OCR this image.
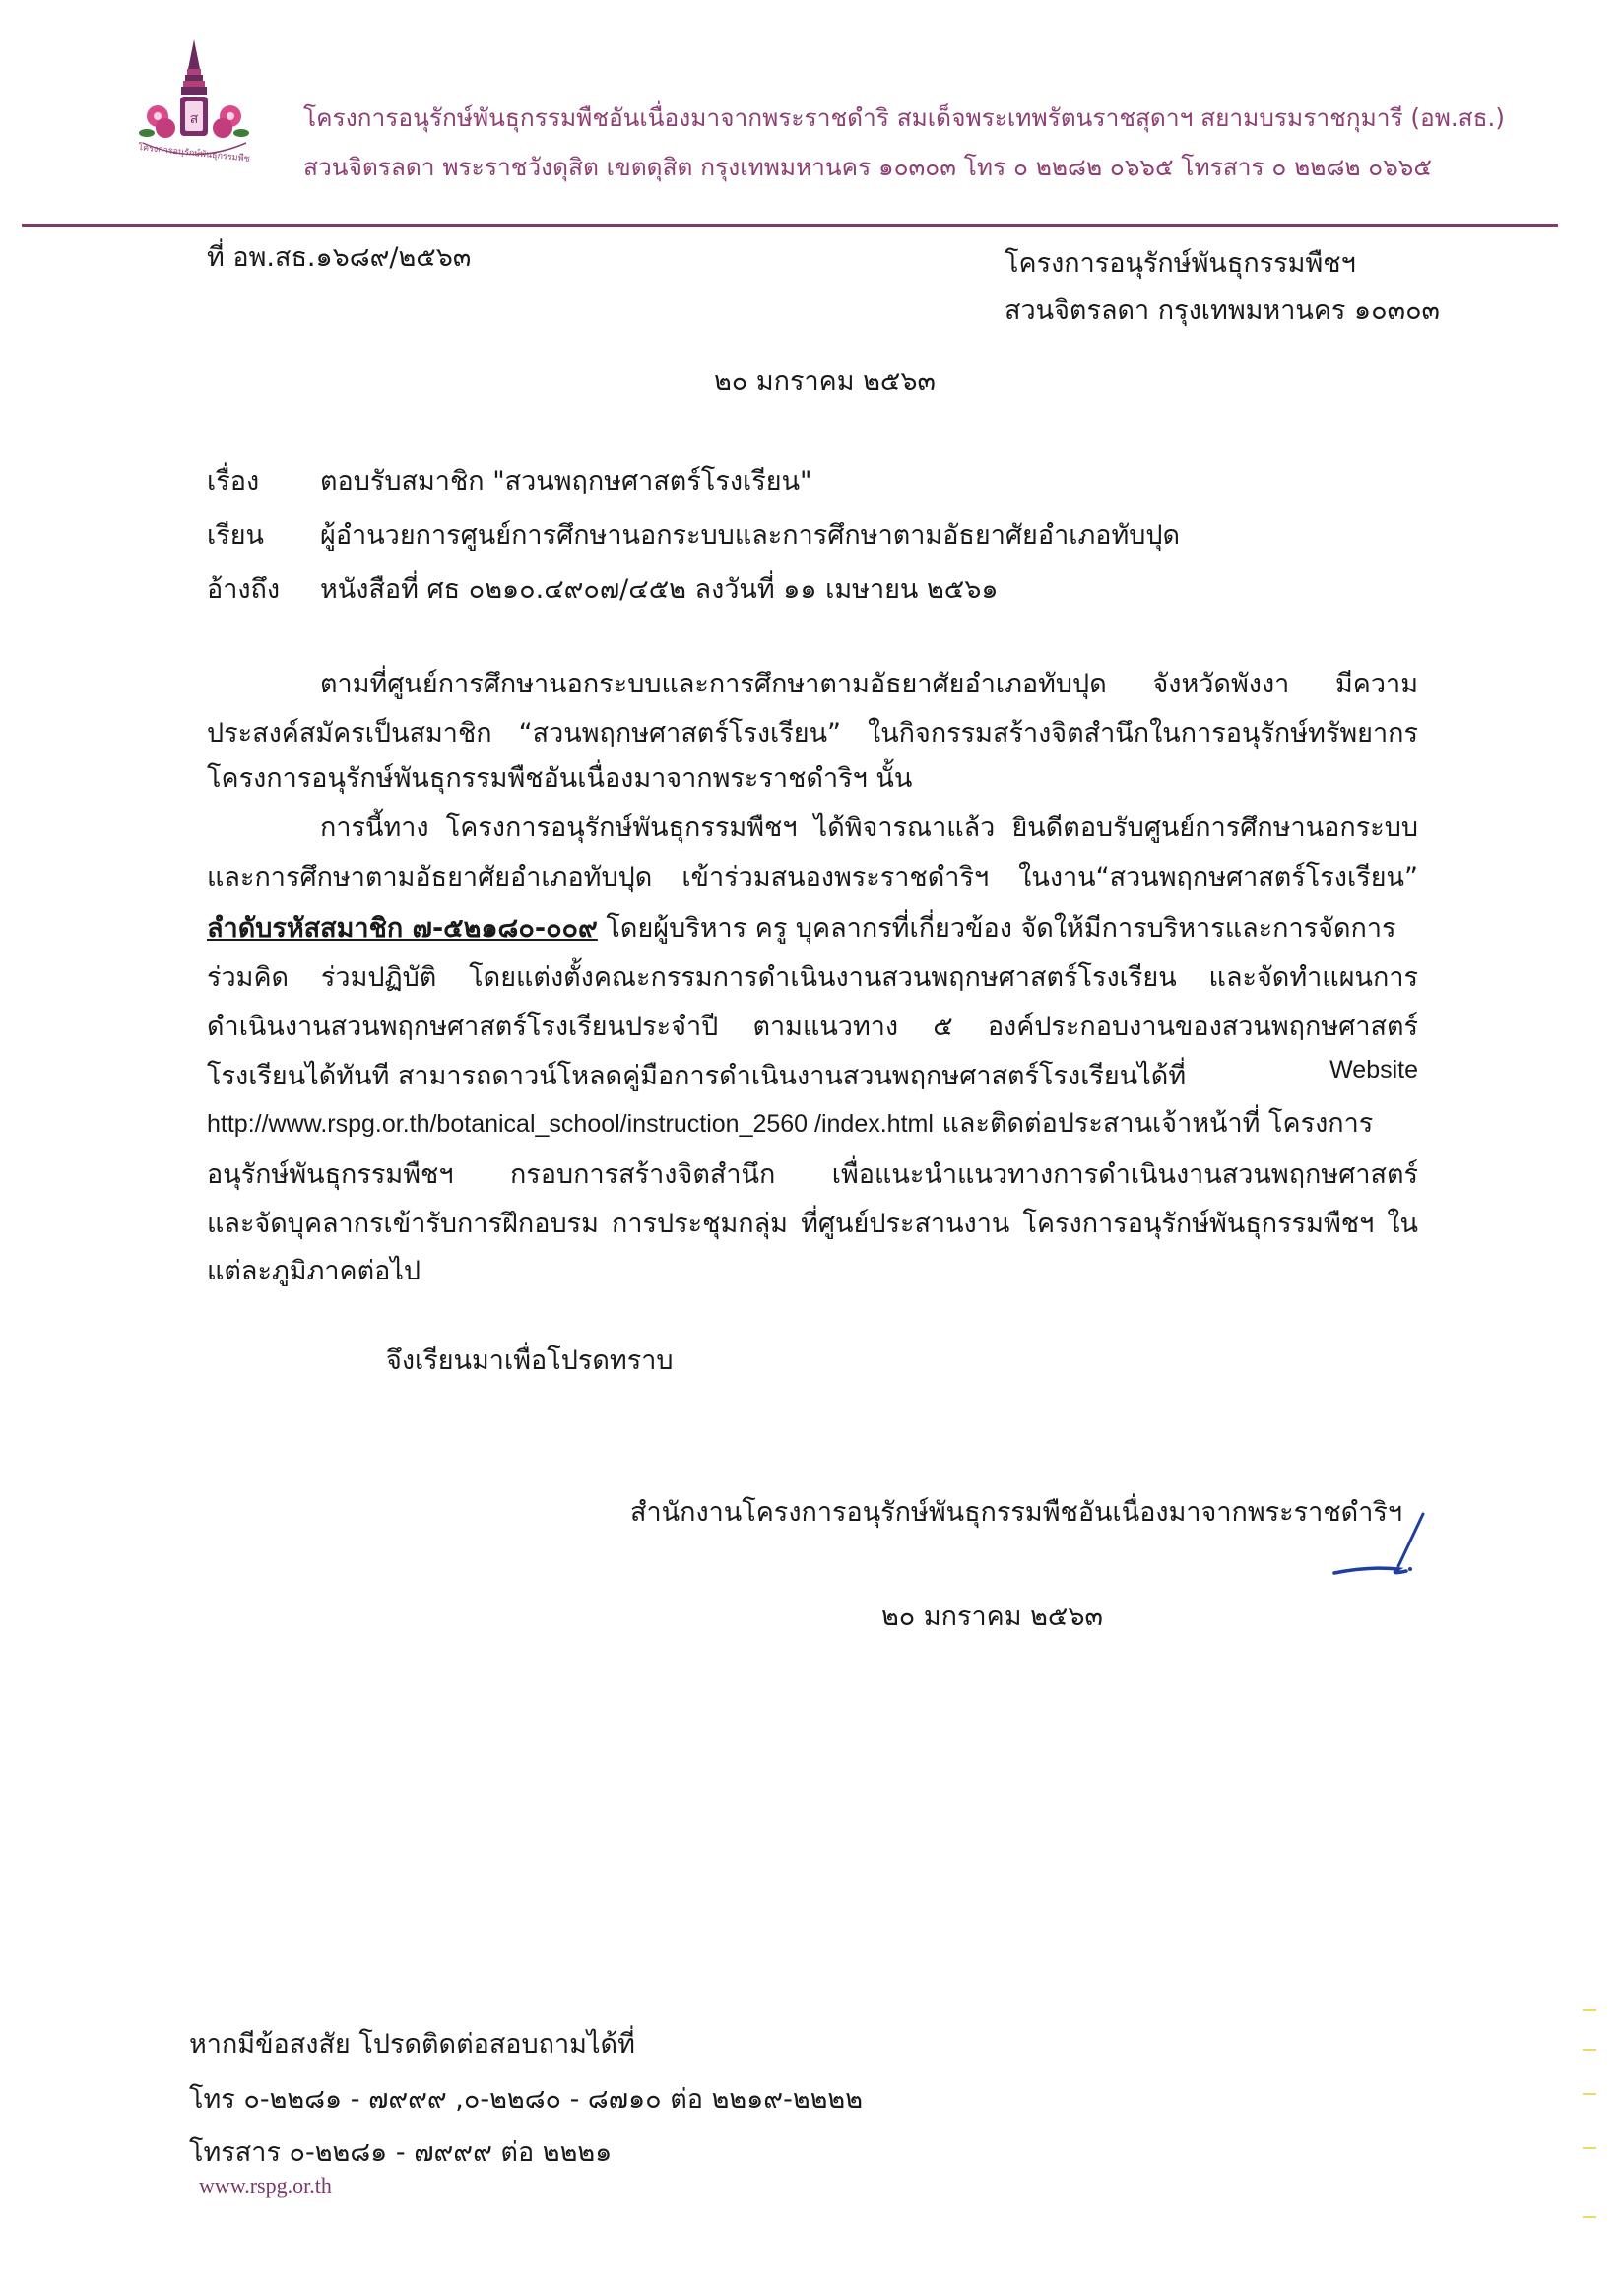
ส
โครงการอนุรักษ์พันธุกรรมพืช
โครงการอนุรักษ์พันธุกรรมพืชอันเนื่องมาจากพระราชดำริ สมเด็จพระเทพรัตนราชสุดาฯ สยามบรมราชกุมารี (อพ.สธ.)
สวนจิตรลดา พระราชวังดุสิต เขตดุสิต กรุงเทพมหานคร ๑๐๓๐๓ โทร ๐ ๒๒๘๒ ๐๖๖๕ โทรสาร ๐ ๒๒๘๒ ๐๖๖๕
ที่ อพ.สธ.๑๖๘๙/๒๕๖๓	โครงการอนุรักษ์พันธุกรรมพืชฯ
สวนจิตรลดา กรุงเทพมหานคร ๑๐๓๐๓
๒๐ มกราคม ๒๕๖๓
เรื่อง ตอบรับสมาชิก "สวนพฤกษศาสตร์โรงเรียน"
เรียน ผู้อำนวยการศูนย์การศึกษานอกระบบและการศึกษาตามอัธยาศัยอำเภอทับปุด
อ้างถึง หนังสือที่ ศธ ๐๒๑๐.๔๙๐๗/๔๕๒ ลงวันที่ ๑๑ เมษายน ๒๕๖๑
ตามที่ศูนย์การศึกษานอกระบบและการศึกษาตามอัธยาศัยอำเภอทับปุด จังหวัดพังงา มีความ
ประสงค์สมัครเป็นสมาชิก “สวนพฤกษศาสตร์โรงเรียน” ในกิจกรรมสร้างจิตสำนึกในการอนุรักษ์ทรัพยากร
โครงการอนุรักษ์พันธุกรรมพืชอันเนื่องมาจากพระราชดำริฯ นั้น
การนี้ทาง โครงการอนุรักษ์พันธุกรรมพืชฯ ได้พิจารณาแล้ว ยินดีตอบรับศูนย์การศึกษานอกระบบ
และการศึกษาตามอัธยาศัยอำเภอทับปุด เข้าร่วมสนองพระราชดำริฯ ในงาน“สวนพฤกษศาสตร์โรงเรียน”
ลำดับรหัสสมาชิก ๗-๕๒๑๘๐-๐๐๙ โดยผู้บริหาร ครู บุคลากรที่เกี่ยวข้อง จัดให้มีการบริหารและการจัดการ
ร่วมคิด ร่วมปฏิบัติ โดยแต่งตั้งคณะกรรมการดำเนินงานสวนพฤกษศาสตร์โรงเรียน และจัดทำแผนการ
ดำเนินงานสวนพฤกษศาสตร์โรงเรียนประจำปี ตามแนวทาง ๕ องค์ประกอบงานของสวนพฤกษศาสตร์
โรงเรียนได้ทันที สามารถดาวน์โหลดคู่มือการดำเนินงานสวนพฤกษศาสตร์โรงเรียนได้ที่	Website
http://www.rspg.or.th/botanical_school/instruction_2560 /index.html และติดต่อประสานเจ้าหน้าที่ โครงการ
อนุรักษ์พันธุกรรมพืชฯ กรอบการสร้างจิตสำนึก เพื่อแนะนำแนวทางการดำเนินงานสวนพฤกษศาสตร์
และจัดบุคลากรเข้ารับการฝึกอบรม การประชุมกลุ่ม ที่ศูนย์ประสานงาน โครงการอนุรักษ์พันธุกรรมพืชฯ ใน
แต่ละภูมิภาคต่อไป
จึงเรียนมาเพื่อโปรดทราบ
สำนักงานโครงการอนุรักษ์พันธุกรรมพืชอันเนื่องมาจากพระราชดำริฯ
๒๐ มกราคม ๒๕๖๓
หากมีข้อสงสัย โปรดติดต่อสอบถามได้ที่
โทร ๐-๒๒๘๑ - ๗๙๙๙ ,๐-๒๒๘๐ - ๘๗๑๐ ต่อ ๒๒๑๙-๒๒๒๒
โทรสาร ๐-๒๒๘๑ - ๗๙๙๙ ต่อ ๒๒๒๑
www.rspg.or.th
